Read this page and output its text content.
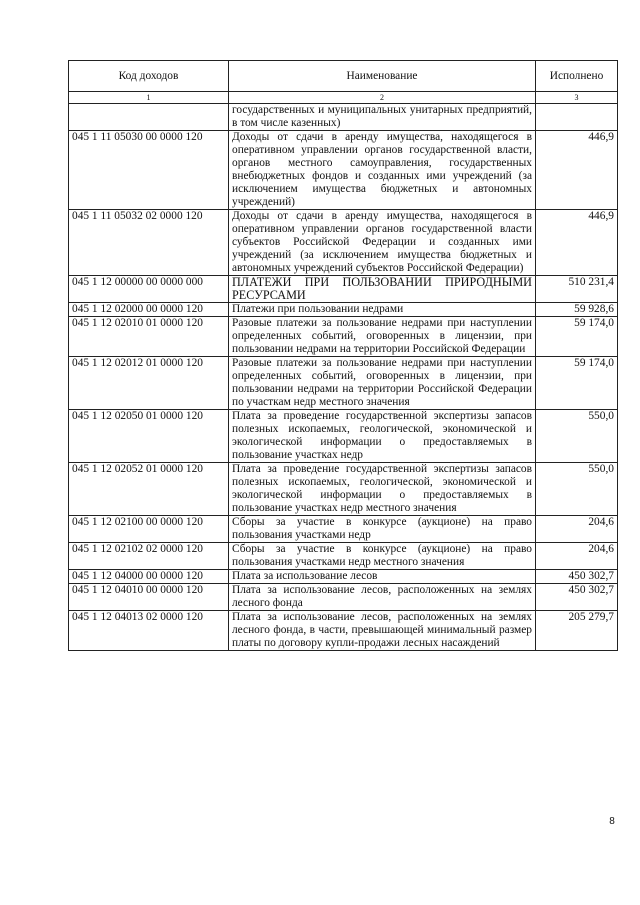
Код доходов	Наименование	Исполнено
1	2	3
	государственных и муниципальных унитарных предприятий, в том числе казенных)	
045 1 11 05030 00 0000 120	Доходы от сдачи в аренду имущества, находящегося в оперативном управлении органов государственной власти, органов местного самоуправления, государственных внебюджетных фондов и созданных ими учреждений (за исключением имущества бюджетных и автономных учреждений)	446,9
045 1 11 05032 02 0000 120	Доходы от сдачи в аренду имущества, находящегося в оперативном управлении органов государственной власти субъектов Российской Федерации и созданных ими учреждений (за исключением имущества бюджетных и автономных учреждений субъектов Российской Федерации)	446,9
045 1 12 00000 00 0000 000	ПЛАТЕЖИ ПРИ ПОЛЬЗОВАНИИ ПРИРОДНЫМИ РЕСУРСАМИ	510 231,4
045 1 12 02000 00 0000 120	Платежи при пользовании недрами	59 928,6
045 1 12 02010 01 0000 120	Разовые платежи за пользование недрами при наступлении определенных событий, оговоренных в лицензии, при пользовании недрами на территории Российской Федерации	59 174,0
045 1 12 02012 01 0000 120	Разовые платежи за пользование недрами при наступлении определенных событий, оговоренных в лицензии, при пользовании недрами на территории Российской Федерации по участкам недр местного значения	59 174,0
045 1 12 02050 01 0000 120	Плата за проведение государственной экспертизы запасов полезных ископаемых, геологической, экономической и экологической информации о предоставляемых в пользование участках недр	550,0
045 1 12 02052 01 0000 120	Плата за проведение государственной экспертизы запасов полезных ископаемых, геологической, экономической и экологической информации о предоставляемых в пользование участках недр местного значения	550,0
045 1 12 02100 00 0000 120	Сборы за участие в конкурсе (аукционе) на право пользования участками недр	204,6
045 1 12 02102 02 0000 120	Сборы за участие в конкурсе (аукционе) на право пользования участками недр местного значения	204,6
045 1 12 04000 00 0000 120	Плата за использование лесов	450 302,7
045 1 12 04010 00 0000 120	Плата за использование лесов, расположенных на землях лесного фонда	450 302,7
045 1 12 04013 02 0000 120	Плата за использование лесов, расположенных на землях лесного фонда, в части, превышающей минимальный размер платы по договору купли-продажи лесных насаждений	205 279,7
8
